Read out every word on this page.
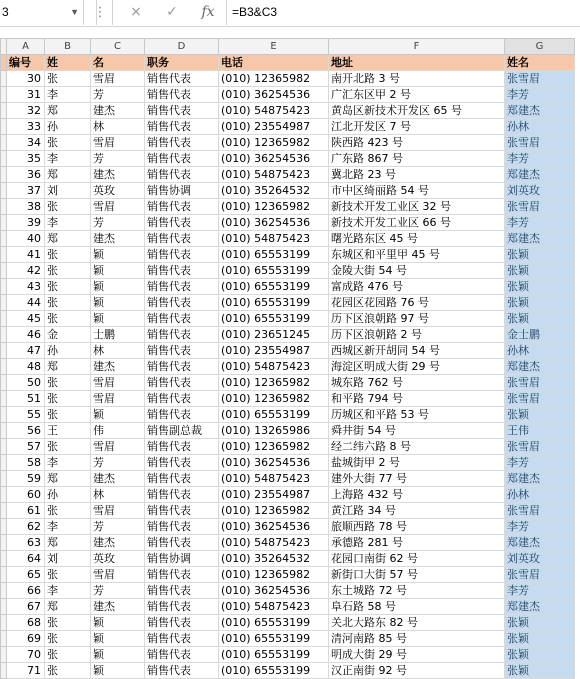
3	▼ ⋮	×	✓	fx	=B3&C3
	A	B	C	D	E	F	G
	编号	姓	名	职务	电话	地址	姓名
	30	张	雪眉	销售代表	(010) 12365982	南开北路 3 号	张雪眉
	31	李	芳	销售代表	(010) 36254536	广汇东区甲 2 号	李芳
	32	郑	建杰	销售代表	(010) 54875423	黄岛区新技术开发区 65 号	郑建杰
	33	孙	林	销售代表	(010) 23554987	江北开发区 7 号	孙林
	34	张	雪眉	销售代表	(010) 12365982	陕西路 423 号	张雪眉
	35	李	芳	销售代表	(010) 36254536	广东路 867 号	李芳
	36	郑	建杰	销售代表	(010) 54875423	冀北路 23 号	郑建杰
	37	刘	英玫	销售协调	(010) 35264532	市中区绮丽路 54 号	刘英玫
	38	张	雪眉	销售代表	(010) 12365982	新技术开发工业区 32 号	张雪眉
	39	李	芳	销售代表	(010) 36254536	新技术开发工业区 66 号	李芳
	40	郑	建杰	销售代表	(010) 54875423	曙光路东区 45 号	郑建杰
	41	张	颖	销售代表	(010) 65553199	东城区和平里甲 45 号	张颖
	42	张	颖	销售代表	(010) 65553199	金陵大街 54 号	张颖
	43	张	颖	销售代表	(010) 65553199	富成路 476 号	张颖
	44	张	颖	销售代表	(010) 65553199	花园区花园路 76 号	张颖
	45	张	颖	销售代表	(010) 65553199	历下区浪朝路 97 号	张颖
	46	金	士鹏	销售代表	(010) 23651245	历下区浪朝路 2 号	金士鹏
	47	孙	林	销售代表	(010) 23554987	西城区新开胡同 54 号	孙林
	48	郑	建杰	销售代表	(010) 54875423	海淀区明成大街 29 号	郑建杰
	50	张	雪眉	销售代表	(010) 12365982	城东路 762 号	张雪眉
	51	张	雪眉	销售代表	(010) 12365982	和平路 794 号	张雪眉
	55	张	颖	销售代表	(010) 65553199	历城区和平路 53 号	张颖
	56	王	伟	销售副总裁	(010) 13265986	舜井街 54 号	王伟
	57	张	雪眉	销售代表	(010) 12365982	经二纬六路 8 号	张雪眉
	58	李	芳	销售代表	(010) 36254536	盐城街甲 2 号	李芳
	59	郑	建杰	销售代表	(010) 54875423	建外大街 77 号	郑建杰
	60	孙	林	销售代表	(010) 23554987	上海路 432 号	孙林
	61	张	雪眉	销售代表	(010) 12365982	黄江路 34 号	张雪眉
	62	李	芳	销售代表	(010) 36254536	旅顺西路 78 号	李芳
	63	郑	建杰	销售代表	(010) 54875423	承德路 281 号	郑建杰
	64	刘	英玫	销售协调	(010) 35264532	花园口南街 62 号	刘英玫
	65	张	雪眉	销售代表	(010) 12365982	新街口大街 57 号	张雪眉
	66	李	芳	销售代表	(010) 36254536	东土城路 72 号	李芳
	67	郑	建杰	销售代表	(010) 54875423	阜石路 58 号	郑建杰
	68	张	颖	销售代表	(010) 65553199	关北大路东 82 号	张颖
	69	张	颖	销售代表	(010) 65553199	清河南路 85 号	张颖
	70	张	颖	销售代表	(010) 65553199	明成大街 29 号	张颖
	71	张	颖	销售代表	(010) 65553199	汉正南街 92 号	张颖
